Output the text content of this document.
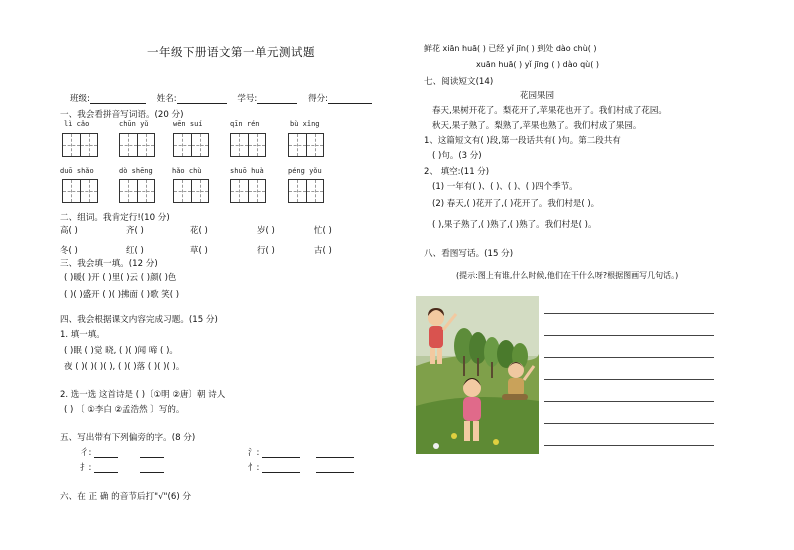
一年级下册语文第一单元测试题
班级:	姓名:	学号:	得分:
一、我会看拼音写词语。(20 分)
lì cǎo	chūn yǔ	wēn suí	qīn rén	bù xǐng
duō shǎo	dò shēng	hǎo chù	shuō huà	péng yǒu
二、组词。我肯定行!(10 分)
高( )	齐( )	花( )	岁( )	忙( )
冬( )	红( )	草( )	行( )	古( )
三、我会填一填。(12 分)
( )暖( )开 ( )里( )云 ( )颜( )色
( )( )盛开 ( )( )拂面 ( )歌 笑( )
四、我会根据课文内容完成习题。(15 分)
1. 填一填。
( )眠 ( )觉 晓, ( )( )闻 啼 ( )。
夜 ( )( )( )( ), ( )( )落 ( )( )( )。
2. 选一选 这首诗是 ( )〔①明 ②唐〕朝 诗人
( ) 〔 ①李白 ②孟浩然 〕写的。
五、写出带有下列偏旁的字。(8 分)
彳:	氵:
扌:	忄:
六、在 正 确 的音节后打"√"(6) 分
鲜花 xiān huā( ) 已经 yǐ jīn( ) 到处 dào chù( )
xuān huā( ) yǐ jīng ( ) dào qù( )
七、阅读短文(14)
花园果园
春天,果树开花了。梨花开了,苹果花也开了。我们村成了花园。
秋天,果子熟了。梨熟了,苹果也熟了。我们村成了果园。
1、这篇短文有( )段,第一段话共有( )句。第二段共有
( )句。(3 分)
2、 填空:(11 分)
(1) 一年有( )、( )、( )、( )四个季节。
(2) 春天,( )花开了,( )花开了。我们村是( )。
( ),果子熟了,( )熟了,( )熟了。我们村是( )。
八、看图写话。(15 分)
(提示:图上有谁,什么时候,他们在干什么呀?根据图画写几句话。)
